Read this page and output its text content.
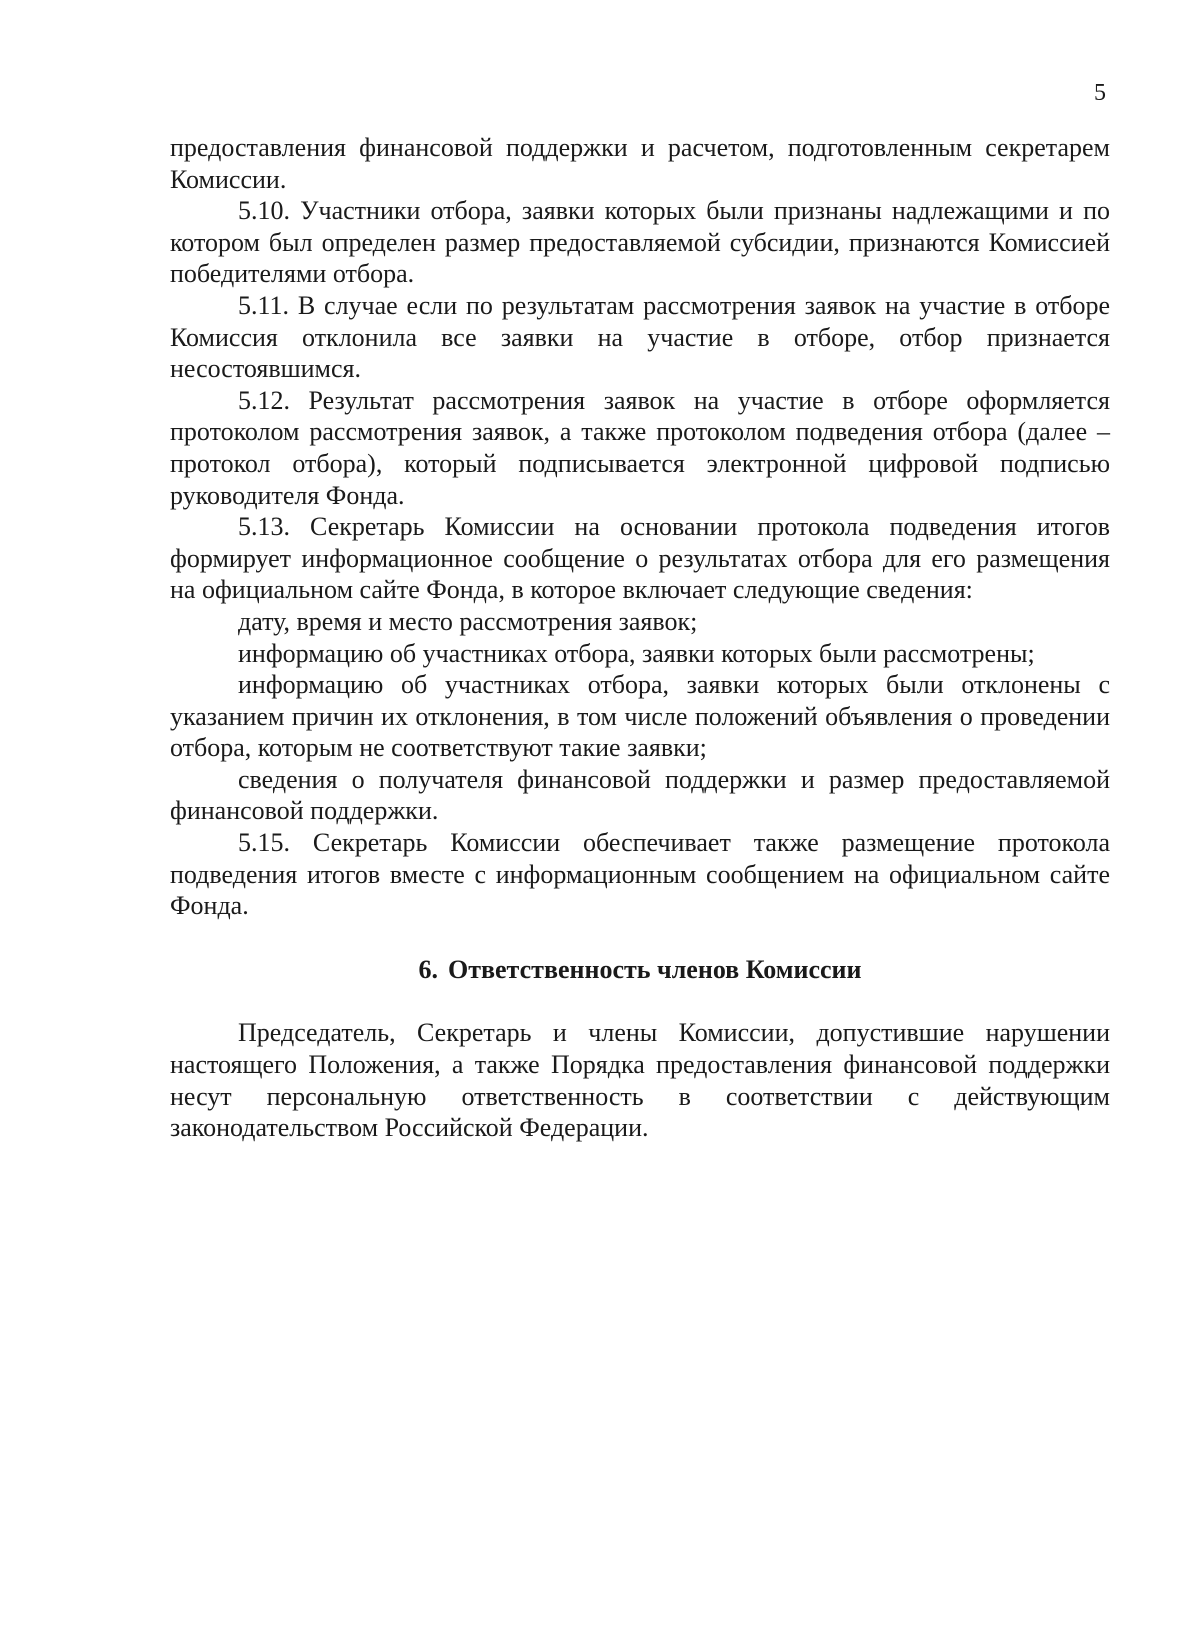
5

предоставления финансовой поддержки и расчетом, подготовленным секретарем Комиссии.

5.10. Участники отбора, заявки которых были признаны надлежащими и по котором был определен размер предоставляемой субсидии, признаются Комиссией победителями отбора.

5.11. В случае если по результатам рассмотрения заявок на участие в отборе Комиссия отклонила все заявки на участие в отборе, отбор признается несостоявшимся.

5.12. Результат рассмотрения заявок на участие в отборе оформляется протоколом рассмотрения заявок, а также протоколом подведения отбора (далее – протокол отбора), который подписывается электронной цифровой подписью руководителя Фонда.

5.13. Секретарь Комиссии на основании протокола подведения итогов формирует информационное сообщение о результатах отбора для его размещения на официальном сайте Фонда, в которое включает следующие сведения:

дату, время и место рассмотрения заявок;

информацию об участниках отбора, заявки которых были рассмотрены;

информацию об участниках отбора, заявки которых были отклонены с указанием причин их отклонения, в том числе положений объявления о проведении отбора, которым не соответствуют такие заявки;

сведения о получателя финансовой поддержки и размер предоставляемой финансовой поддержки.

5.15. Секретарь Комиссии обеспечивает также размещение протокола подведения итогов вместе с информационным сообщением на официальном сайте Фонда.

6. Ответственность членов Комиссии

Председатель, Секретарь и члены Комиссии, допустившие нарушении настоящего Положения, а также Порядка предоставления финансовой поддержки несут персональную ответственность в соответствии с действующим законодательством Российской Федерации.
